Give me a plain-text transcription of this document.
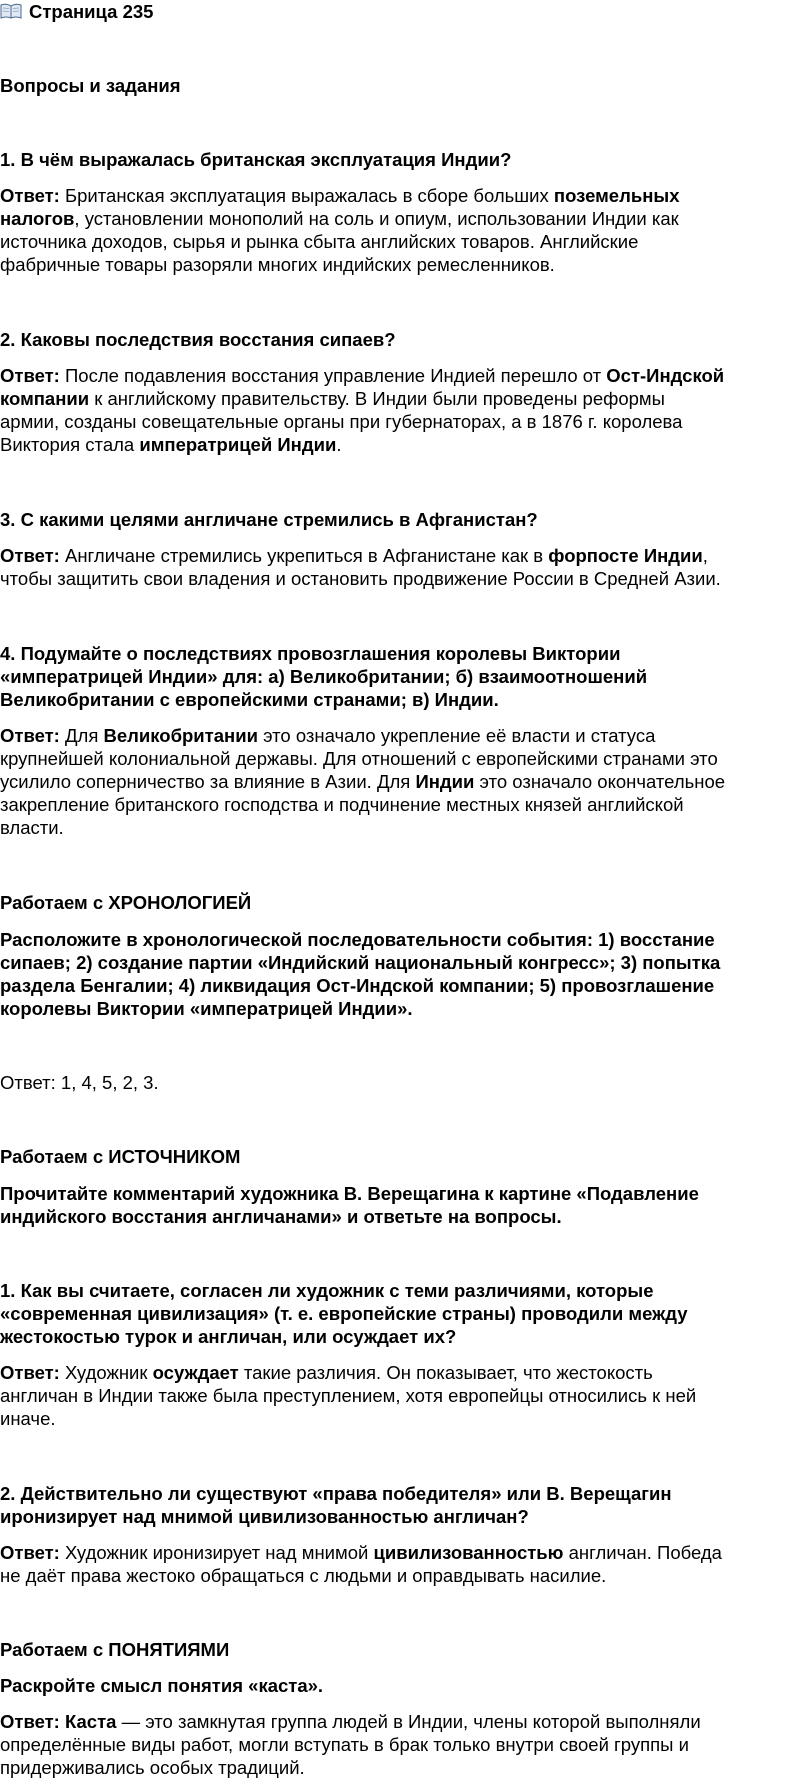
Страница 235
Вопросы и задания
1. В чём выражалась британская эксплуатация Индии?
Ответ: Британская эксплуатация выражалась в сборе больших поземельных
налогов, установлении монополий на соль и опиум, использовании Индии как
источника доходов, сырья и рынка сбыта английских товаров. Английские
фабричные товары разоряли многих индийских ремесленников.
2. Каковы последствия восстания сипаев?
Ответ: После подавления восстания управление Индией перешло от Ост-Индской
компании к английскому правительству. В Индии были проведены реформы
армии, созданы совещательные органы при губернаторах, а в 1876 г. королева
Виктория стала императрицей Индии.
3. С какими целями англичане стремились в Афганистан?
Ответ: Англичане стремились укрепиться в Афганистане как в форпосте Индии,
чтобы защитить свои владения и остановить продвижение России в Средней Азии.
4. Подумайте о последствиях провозглашения королевы Виктории
«императрицей Индии» для: а) Великобритании; б) взаимоотношений
Великобритании с европейскими странами; в) Индии.
Ответ: Для Великобритании это означало укрепление её власти и статуса
крупнейшей колониальной державы. Для отношений с европейскими странами это
усилило соперничество за влияние в Азии. Для Индии это означало окончательное
закрепление британского господства и подчинение местных князей английской
власти.
Работаем с ХРОНОЛОГИЕЙ
Расположите в хронологической последовательности события: 1) восстание
сипаев; 2) создание партии «Индийский национальный конгресс»; 3) попытка
раздела Бенгалии; 4) ликвидация Ост-Индской компании; 5) провозглашение
королевы Виктории «императрицей Индии».
Ответ: 1, 4, 5, 2, 3.
Работаем с ИСТОЧНИКОМ
Прочитайте комментарий художника В. Верещагина к картине «Подавление
индийского восстания англичанами» и ответьте на вопросы.
1. Как вы считаете, согласен ли художник с теми различиями, которые
«современная цивилизация» (т. е. европейские страны) проводили между
жестокостью турок и англичан, или осуждает их?
Ответ: Художник осуждает такие различия. Он показывает, что жестокость
англичан в Индии также была преступлением, хотя европейцы относились к ней
иначе.
2. Действительно ли существуют «права победителя» или В. Верещагин
иронизирует над мнимой цивилизованностью англичан?
Ответ: Художник иронизирует над мнимой цивилизованностью англичан. Победа
не даёт права жестоко обращаться с людьми и оправдывать насилие.
Работаем с ПОНЯТИЯМИ
Раскройте смысл понятия «каста».
Ответ: Каста — это замкнутая группа людей в Индии, члены которой выполняли
определённые виды работ, могли вступать в брак только внутри своей группы и
придерживались особых традиций.
